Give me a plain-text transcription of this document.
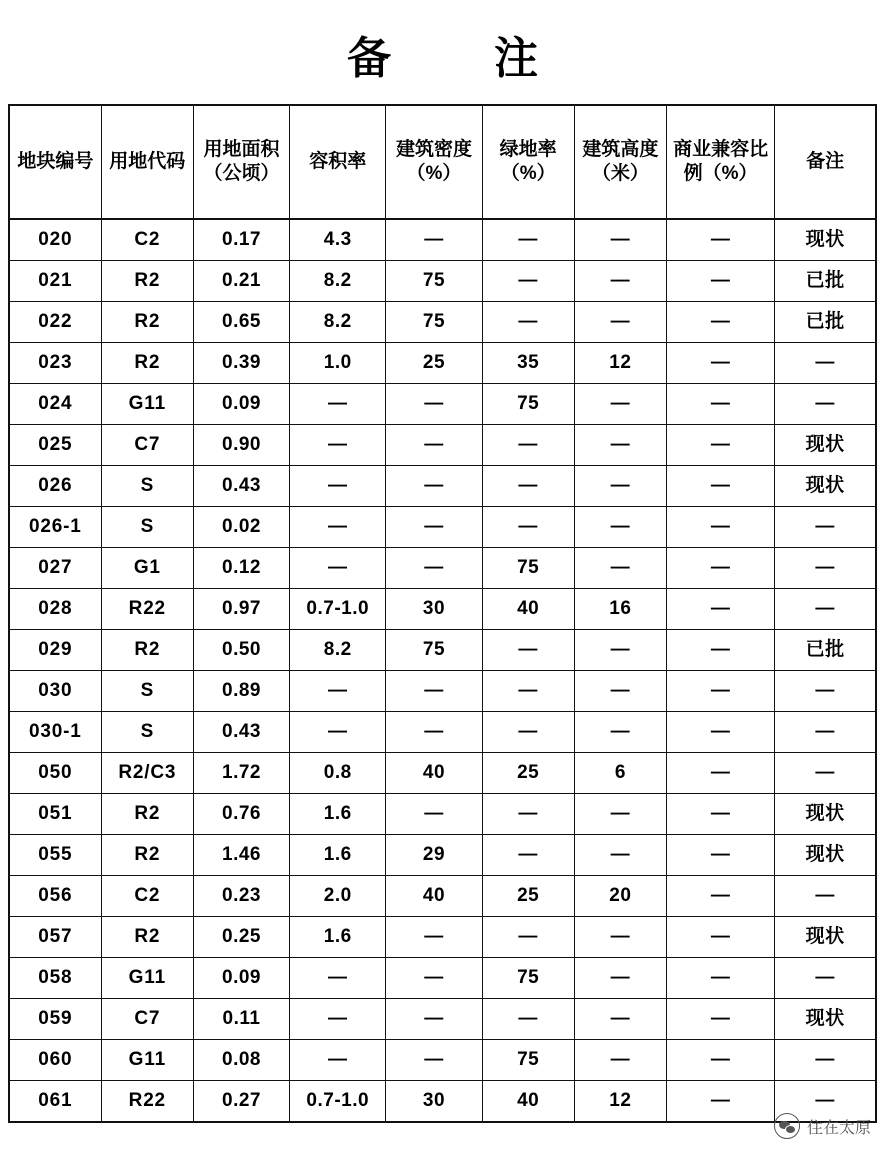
备 注
地块编号	用地代码	用地面积（公顷）	容积率	建筑密度（%）	绿地率（%）	建筑高度（米）	商业兼容比例（%）	备注

020	C2	0.17	4.3	—	—	—	—	现状
021	R2	0.21	8.2	75	—	—	—	已批
022	R2	0.65	8.2	75	—	—	—	已批
023	R2	0.39	1.0	25	35	12	—	—
024	G11	0.09	—	—	75	—	—	—
025	C7	0.90	—	—	—	—	—	现状
026	S	0.43	—	—	—	—	—	现状
026-1	S	0.02	—	—	—	—	—	—
027	G1	0.12	—	—	75	—	—	—
028	R22	0.97	0.7-1.0	30	40	16	—	—
029	R2	0.50	8.2	75	—	—	—	已批
030	S	0.89	—	—	—	—	—	—
030-1	S	0.43	—	—	—	—	—	—
050	R2/C3	1.72	0.8	40	25	6	—	—
051	R2	0.76	1.6	—	—	—	—	现状
055	R2	1.46	1.6	29	—	—	—	现状
056	C2	0.23	2.0	40	25	20	—	—
057	R2	0.25	1.6	—	—	—	—	现状
058	G11	0.09	—	—	75	—	—	—
059	C7	0.11	—	—	—	—	—	现状
060	G11	0.08	—	—	75	—	—	—
061	R22	0.27	0.7-1.0	30	40	12	—	—
住在太原
